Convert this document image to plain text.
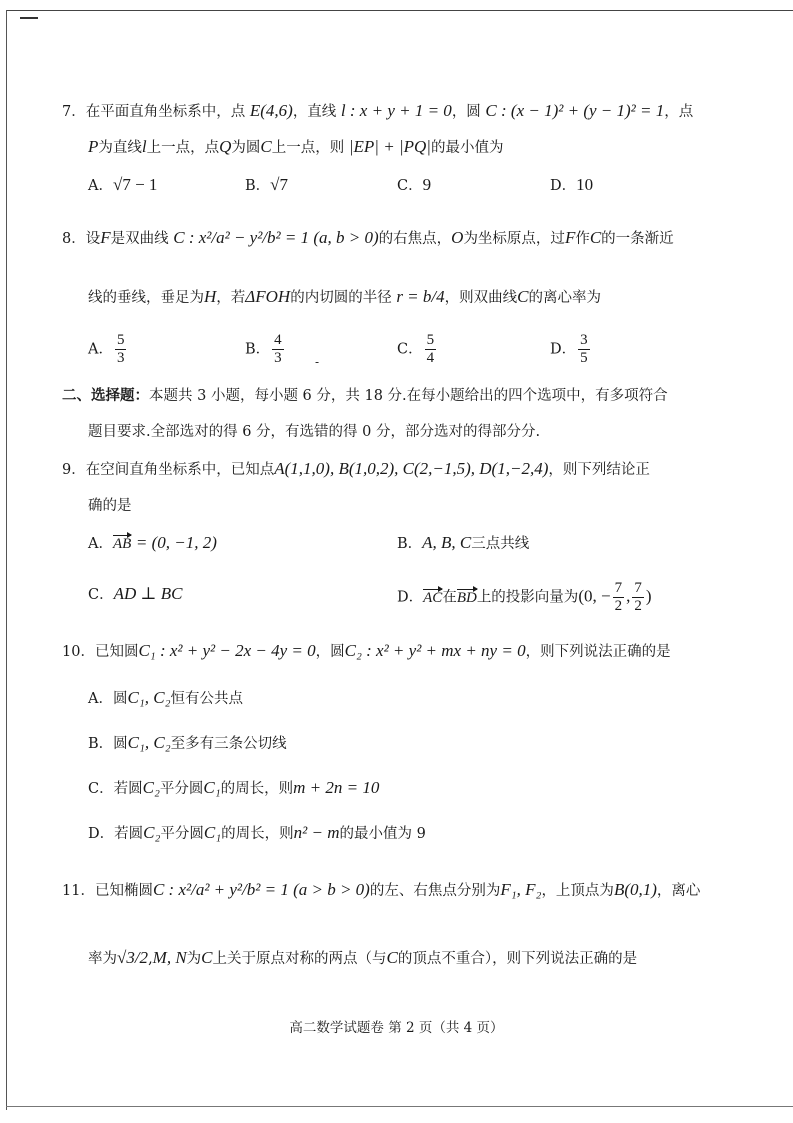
7．在平面直角坐标系中，点 E(4,6)，直线 l : x + y + 1 = 0，圆 C : (x − 1)² + (y − 1)² = 1，点
P为直线l上一点，点Q为圆C上一点，则 |EP| + |PQ|的最小值为
A．√7 − 1	B．√7	C．9	D．10
8．设F是双曲线 C : x²/a² − y²/b² = 1 (a, b > 0)的右焦点，O为坐标原点，过F作C的一条渐近
线的垂线，垂足为H，若ΔFOH的内切圆的半径 r = b/4，则双曲线C的离心率为
A． $\frac{5}{3}$	B． $\frac{4}{3}$	-
C． $\frac{5}{4}$	D． $\frac{3}{5}$
二、选择题：本题共 3 小题，每小题 6 分，共 18 分.在每小题给出的四个选项中，有多项符合
题目要求.全部选对的得 6 分，有选错的得 0 分，部分选对的得部分分.
9．在空间直角坐标系中，已知点A(1,1,0), B(1,0,2), C(2,−1,5), D(1,−2,4)，则下列结论正
确的是
A．AB = (0, −1, 2)	B．A, B, C三点共线
C．AD ⊥ BC	D．AC在BD上的投影向量为(0, − $\frac{7}{2}$ , $\frac{7}{2}$ )
10．已知圆C₁ : x² + y² − 2x − 4y = 0，圆C₂ : x² + y² + mx + ny = 0，则下列说法正确的是
A．圆C₁, C₂恒有公共点
B．圆C₁, C₂至多有三条公切线
C．若圆C₂平分圆C₁的周长，则m + 2n = 10
D．若圆C₂平分圆C₁的周长，则n² − m的最小值为 9
11．已知椭圆C : x²/a² + y²/b² = 1 (a > b > 0)的左、右焦点分别为F₁, F₂，上顶点为B(0,1)，离心
率为√3/2,M, N为C上关于原点对称的两点（与C的顶点不重合），则下列说法正确的是
高二数学试题卷 第 2 页（共 4 页）
